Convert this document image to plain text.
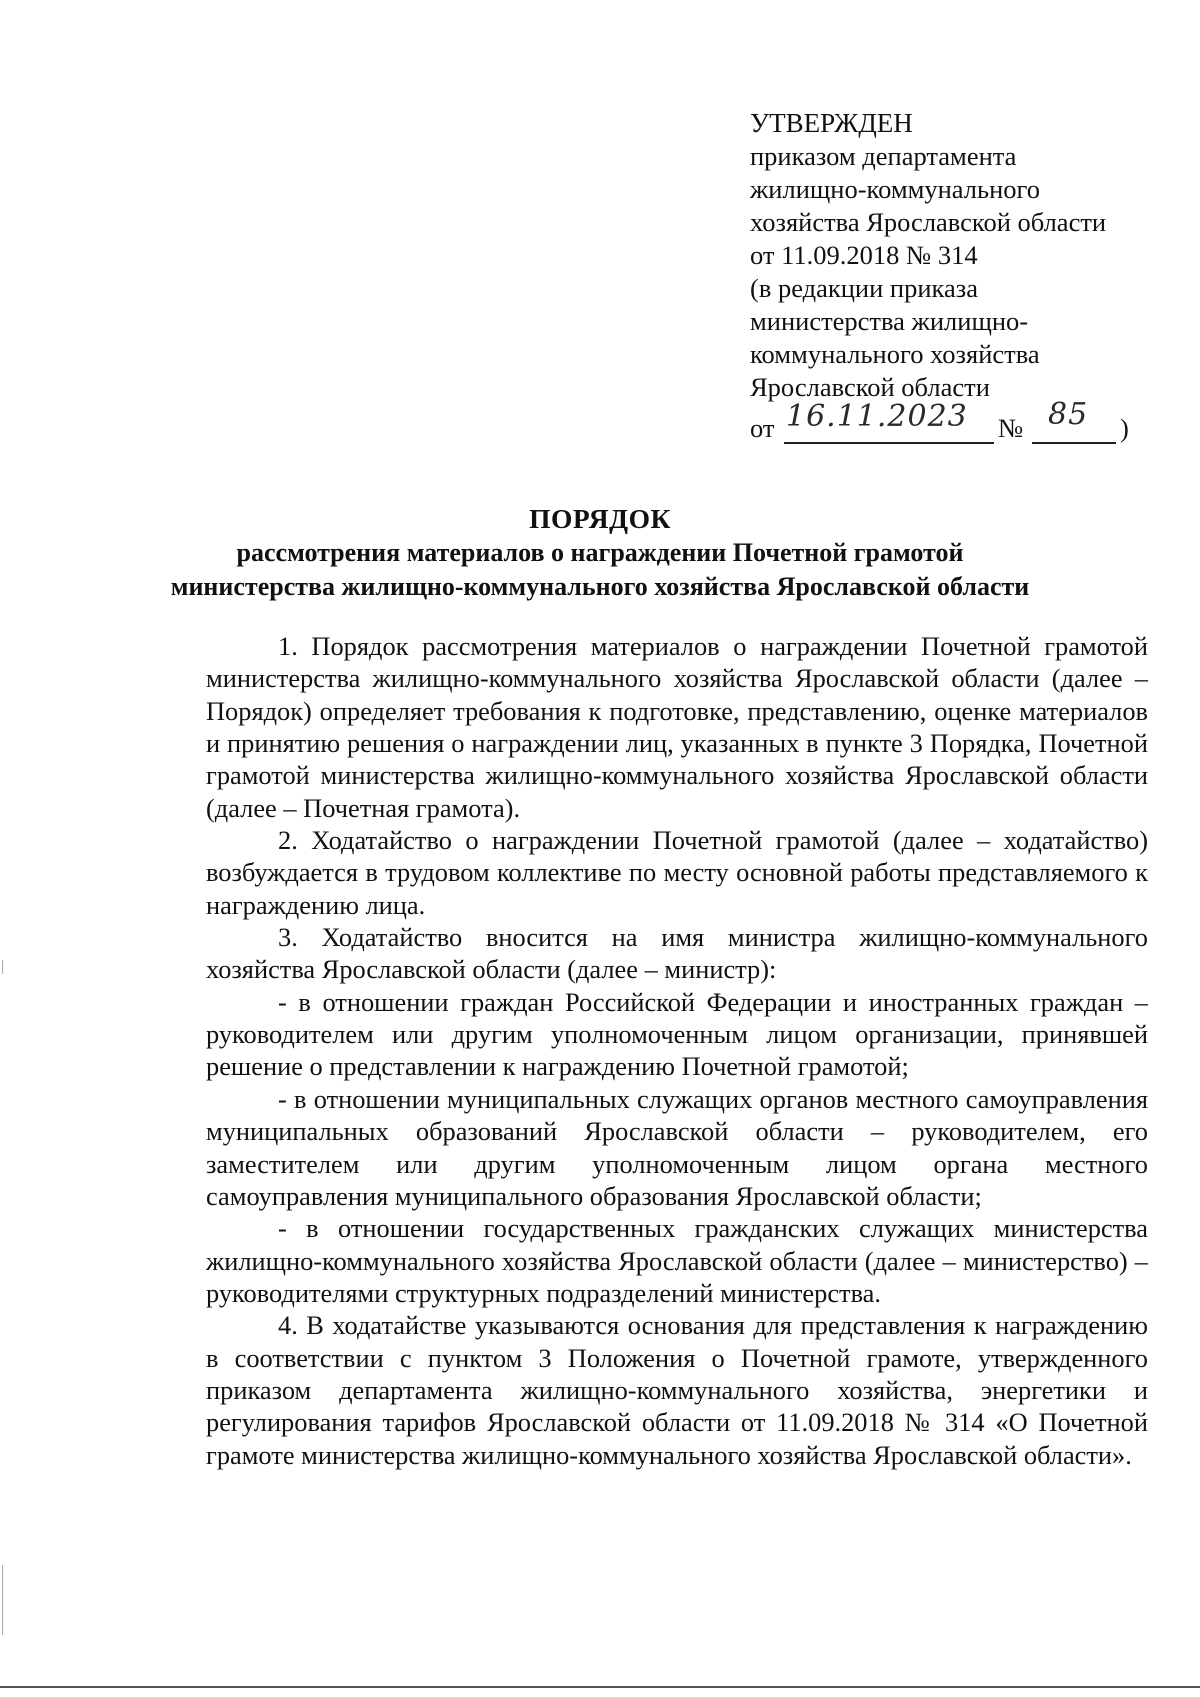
УТВЕРЖДЕН
приказом департамента
жилищно-коммунального
хозяйства Ярославской области
от 11.09.2018 № 314
(в редакции приказа
министерства жилищно-
коммунального хозяйства
Ярославской области
от 16.11.2023 № 85 )
ПОРЯДОК
рассмотрения материалов о награждении Почетной грамотой
министерства жилищно-коммунального хозяйства Ярославской области

1. Порядок рассмотрения материалов о награждении Почетной грамотой министерства жилищно-коммунального хозяйства Ярославской области (далее – Порядок) определяет требования к подготовке, представлению, оценке материалов и принятию решения о награждении лиц, указанных в пункте 3 Порядка, Почетной грамотой министерства жилищно-коммунального хозяйства Ярославской области (далее – Почетная грамота).

2. Ходатайство о награждении Почетной грамотой (далее – ходатайство) возбуждается в трудовом коллективе по месту основной работы представляемого к награждению лица.

3. Ходатайство вносится на имя министра жилищно-коммунального хозяйства Ярославской области (далее – министр):

- в отношении граждан Российской Федерации и иностранных граждан – руководителем или другим уполномоченным лицом организации, принявшей решение о представлении к награждению Почетной грамотой;

- в отношении муниципальных служащих органов местного самоуправления муниципальных образований Ярославской области – руководителем, его заместителем или другим уполномоченным лицом органа местного самоуправления муниципального образования Ярославской области;

- в отношении государственных гражданских служащих министерства жилищно-коммунального хозяйства Ярославской области (далее – министерство) – руководителями структурных подразделений министерства.

4. В ходатайстве указываются основания для представления к награждению в соответствии с пунктом 3 Положения о Почетной грамоте, утвержденного приказом департамента жилищно-коммунального хозяйства, энергетики и регулирования тарифов Ярославской области от 11.09.2018 № 314 «О Почетной грамоте министерства жилищно-коммунального хозяйства Ярославской области».
